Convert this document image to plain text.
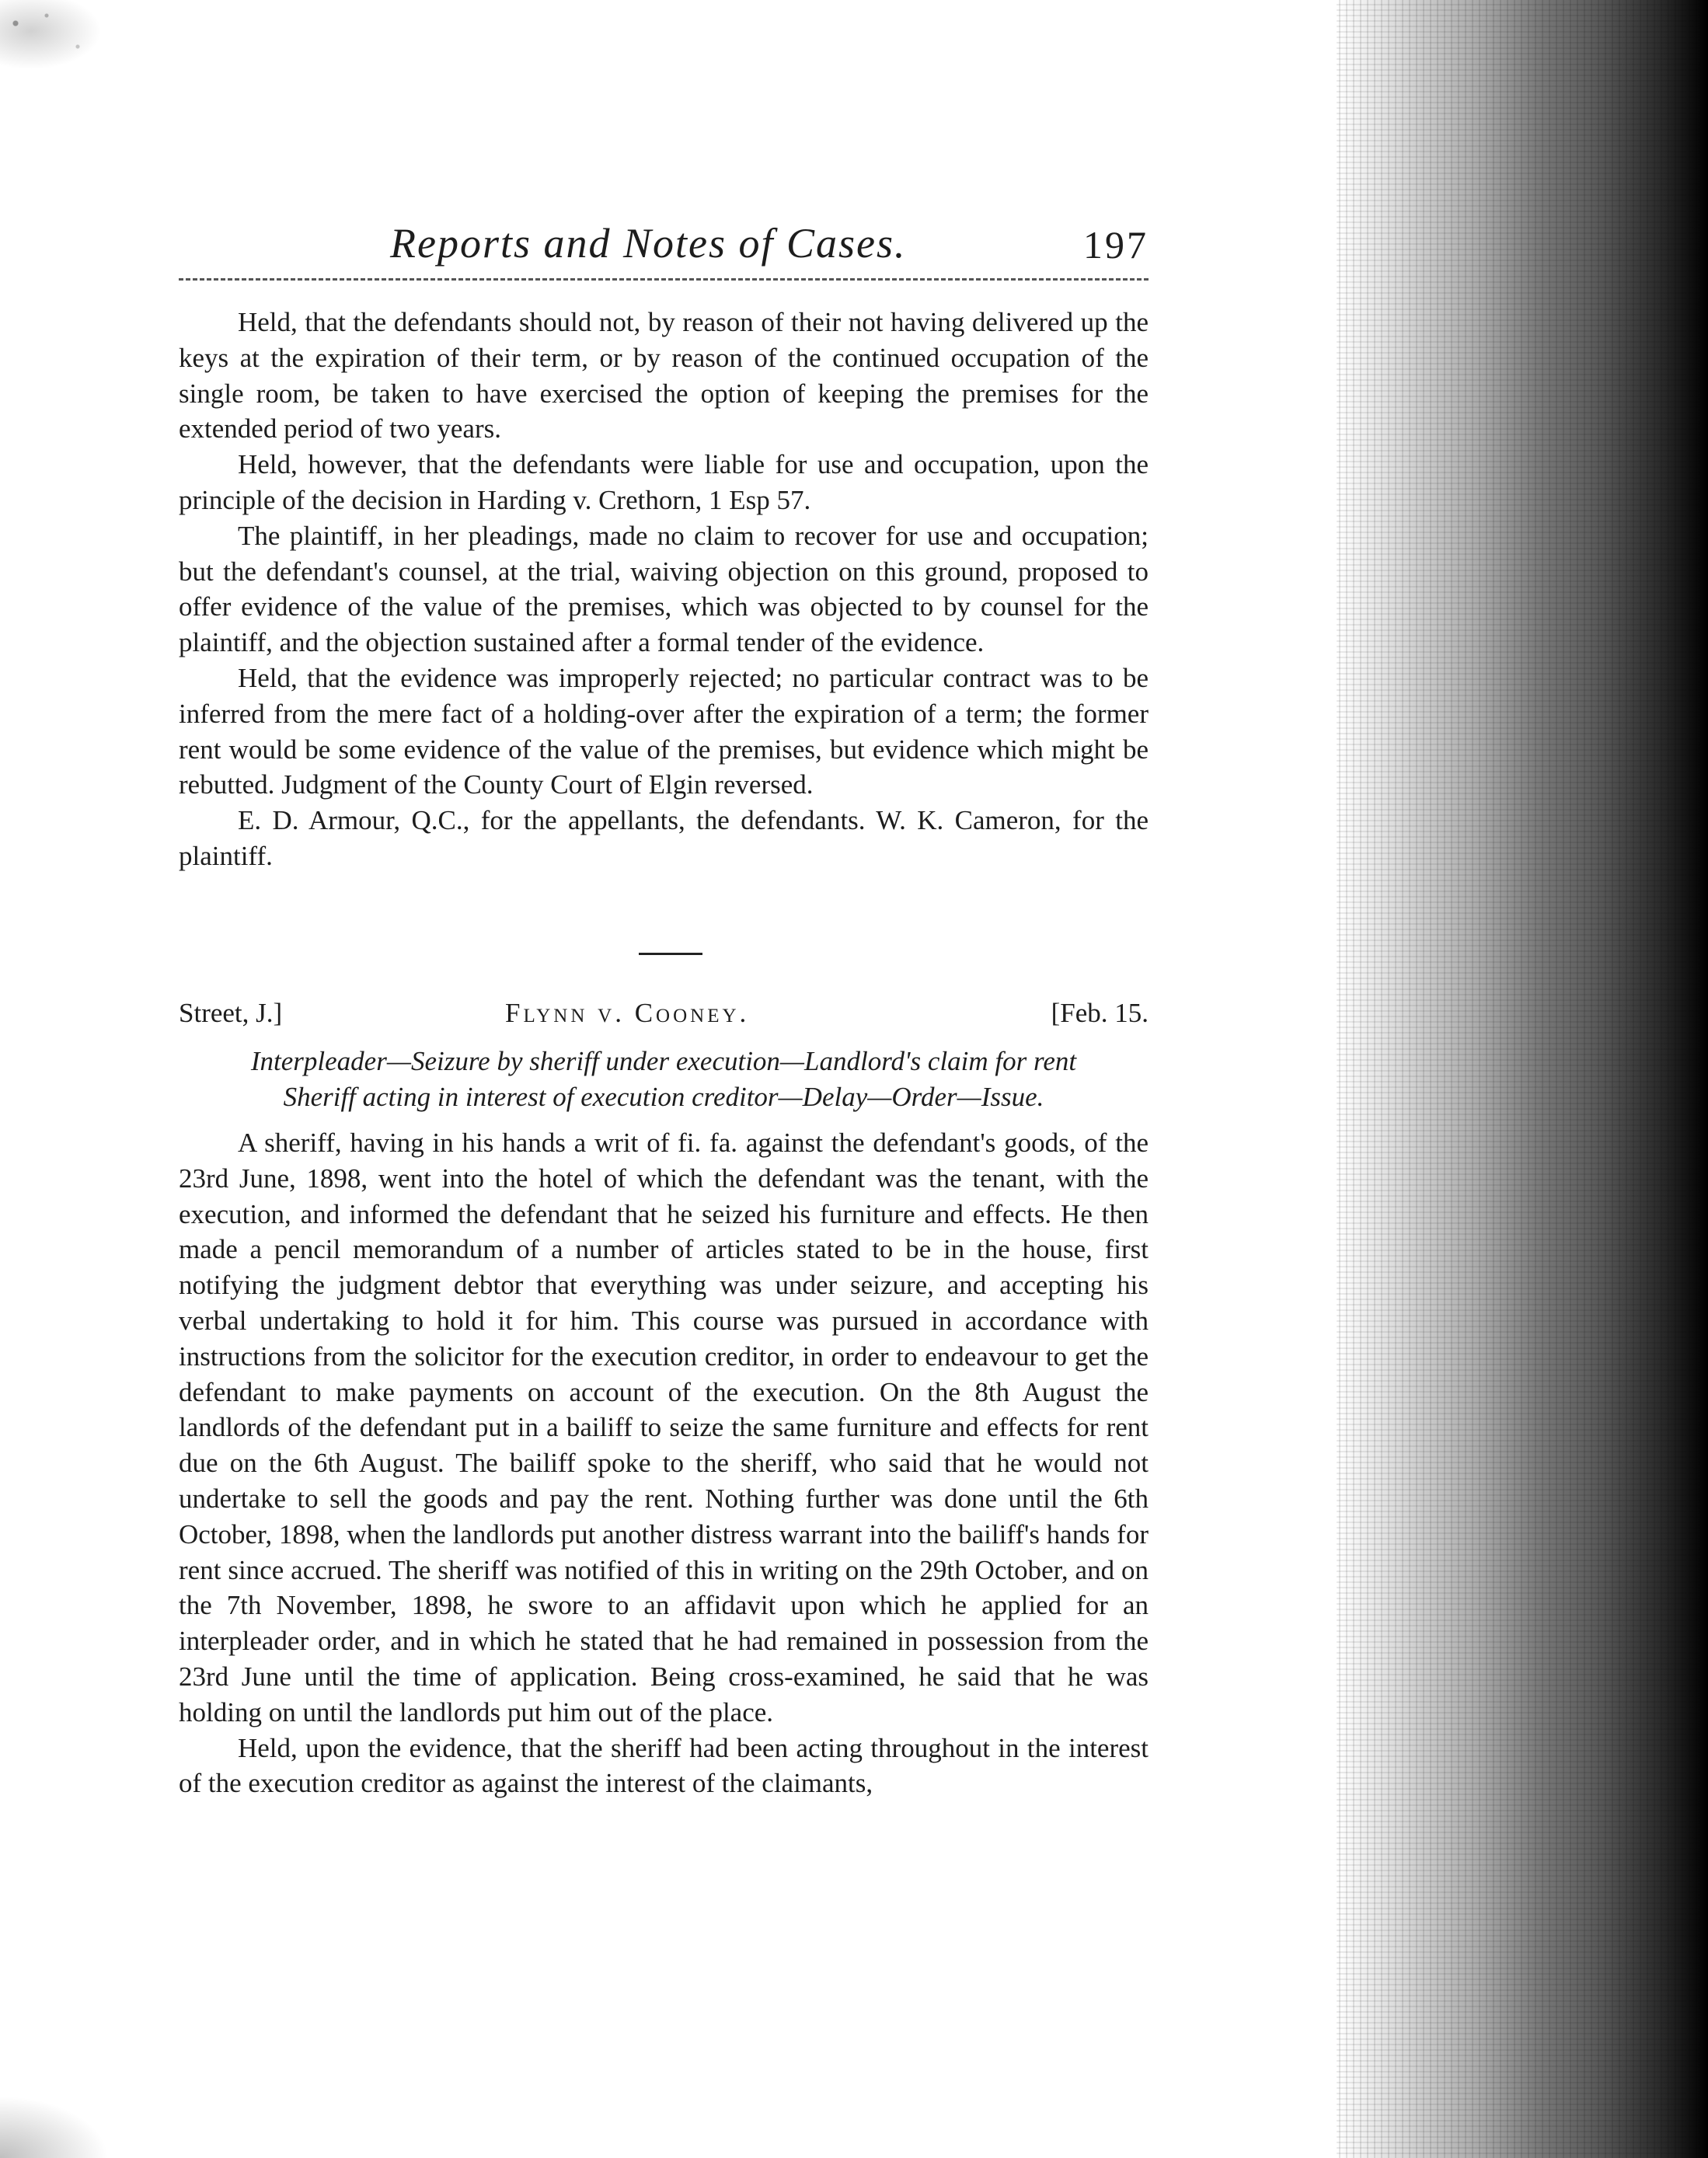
Reports and Notes of Cases.	197

Held, that the defendants should not, by reason of their not having delivered up the keys at the expiration of their term, or by reason of the continued occupation of the single room, be taken to have exercised the option of keeping the premises for the extended period of two years.

Held, however, that the defendants were liable for use and occupation, upon the principle of the decision in Harding v. Crethorn, 1 Esp 57.

The plaintiff, in her pleadings, made no claim to recover for use and occupation; but the defendant's counsel, at the trial, waiving objection on this ground, proposed to offer evidence of the value of the premises, which was objected to by counsel for the plaintiff, and the objection sustained after a formal tender of the evidence.

Held, that the evidence was improperly rejected; no particular contract was to be inferred from the mere fact of a holding-over after the expiration of a term; the former rent would be some evidence of the value of the premises, but evidence which might be rebutted. Judgment of the County Court of Elgin reversed.

E. D. Armour, Q.C., for the appellants, the defendants. W. K. Cameron, for the plaintiff.

Street, J.]	Flynn v. Cooney.	[Feb. 15.
Interpleader—Seizure by sheriff under execution—Landlord's claim for rent
Sheriff acting in interest of execution creditor—Delay—Order—Issue.

A sheriff, having in his hands a writ of fi. fa. against the defendant's goods, of the 23rd June, 1898, went into the hotel of which the defendant was the tenant, with the execution, and informed the defendant that he seized his furniture and effects. He then made a pencil memorandum of a number of articles stated to be in the house, first notifying the judgment debtor that everything was under seizure, and accepting his verbal undertaking to hold it for him. This course was pursued in accordance with instructions from the solicitor for the execution creditor, in order to endeavour to get the defendant to make payments on account of the execution. On the 8th August the landlords of the defendant put in a bailiff to seize the same furniture and effects for rent due on the 6th August. The bailiff spoke to the sheriff, who said that he would not undertake to sell the goods and pay the rent. Nothing further was done until the 6th October, 1898, when the landlords put another distress warrant into the bailiff's hands for rent since accrued. The sheriff was notified of this in writing on the 29th October, and on the 7th November, 1898, he swore to an affidavit upon which he applied for an interpleader order, and in which he stated that he had remained in possession from the 23rd June until the time of application. Being cross-examined, he said that he was holding on until the landlords put him out of the place.

Held, upon the evidence, that the sheriff had been acting throughout in the interest of the execution creditor as against the interest of the claimants,
